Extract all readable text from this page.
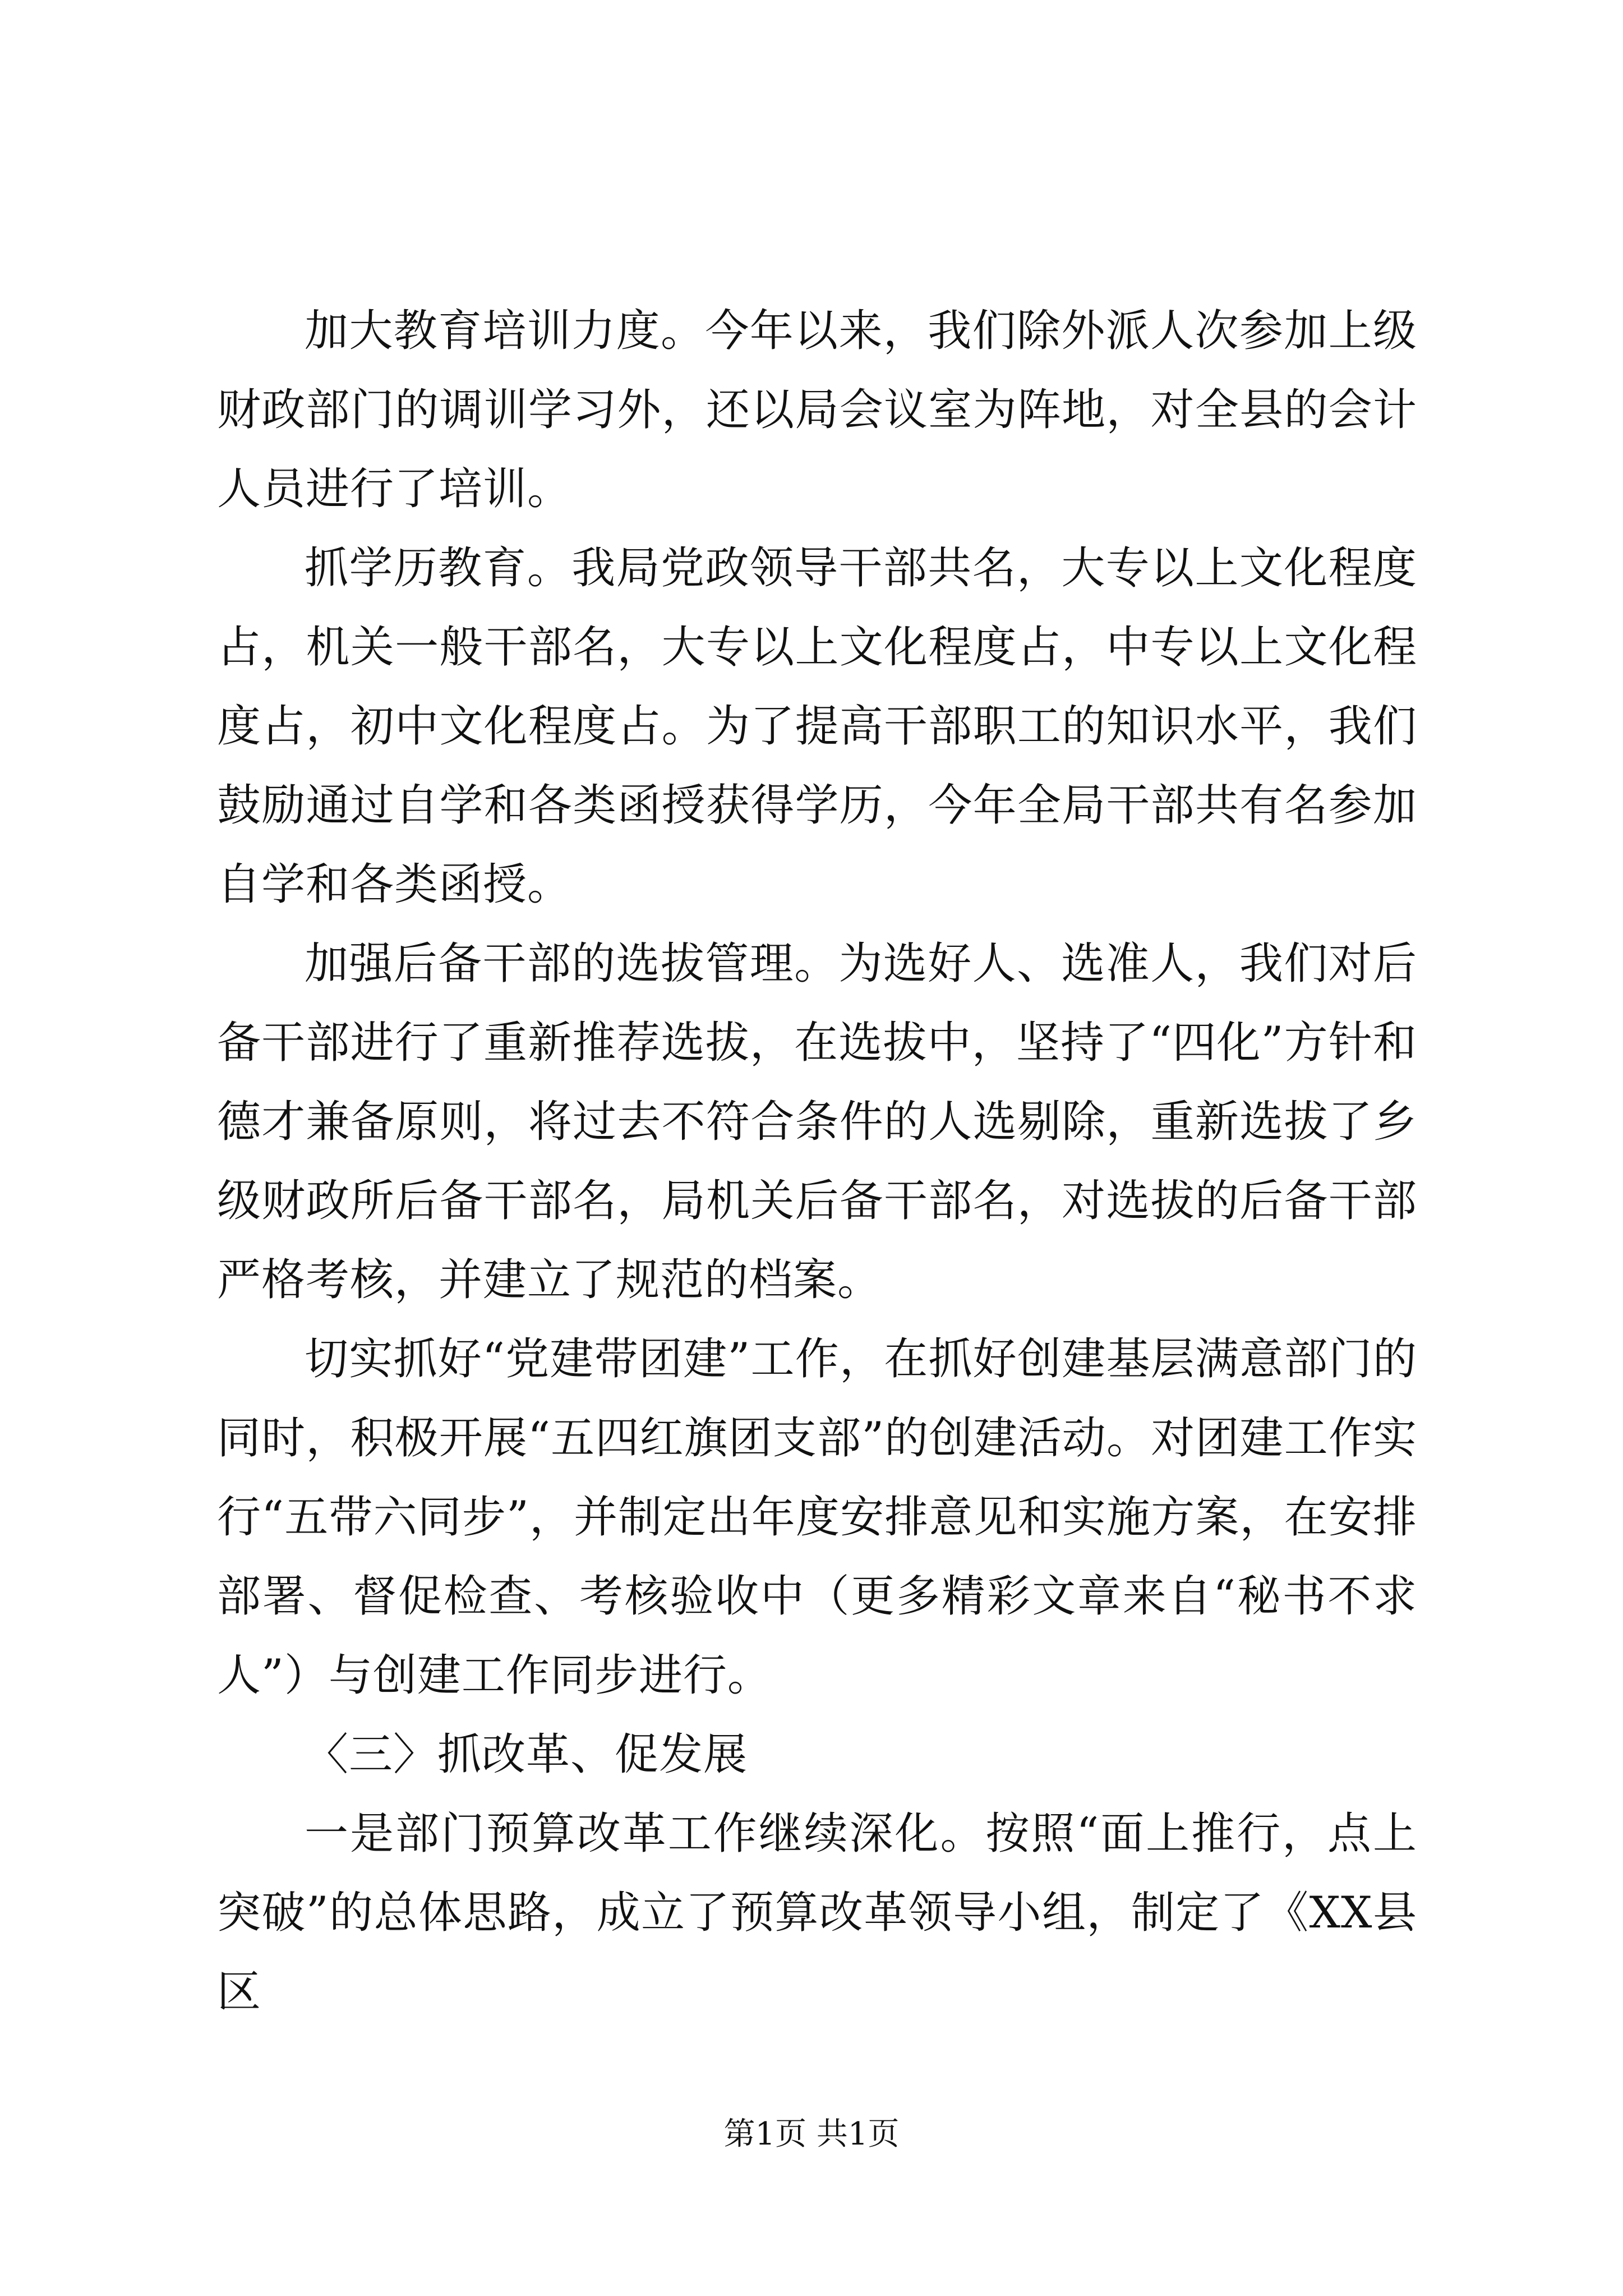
加大教育培训力度。今年以来，我们除外派人次参加上级财政部门的调训学习外，还以局会议室为阵地，对全县的会计人员进行了培训。

抓学历教育。我局党政领导干部共名，大专以上文化程度占，机关一般干部名，大专以上文化程度占，中专以上文化程度占，初中文化程度占。为了提高干部职工的知识水平，我们鼓励通过自学和各类函授获得学历，今年全局干部共有名参加自学和各类函授。

加强后备干部的选拔管理。为选好人、选准人，我们对后备干部进行了重新推荐选拔，在选拔中，坚持了“四化”方针和德才兼备原则，将过去不符合条件的人选剔除，重新选拔了乡级财政所后备干部名，局机关后备干部名，对选拔的后备干部严格考核，并建立了规范的档案。

切实抓好“党建带团建”工作，在抓好创建基层满意部门的同时，积极开展“五四红旗团支部”的创建活动。对团建工作实行“五带六同步”，并制定出年度安排意见和实施方案，在安排部署、督促检查、考核验收中（更多精彩文章来自“秘书不求人”）与创建工作同步进行。

〈三〉抓改革、促发展

一是部门预算改革工作继续深化。按照“面上推行，点上突破”的总体思路，成立了预算改革领导小组，制定了《XX县区

第1页 共1页
